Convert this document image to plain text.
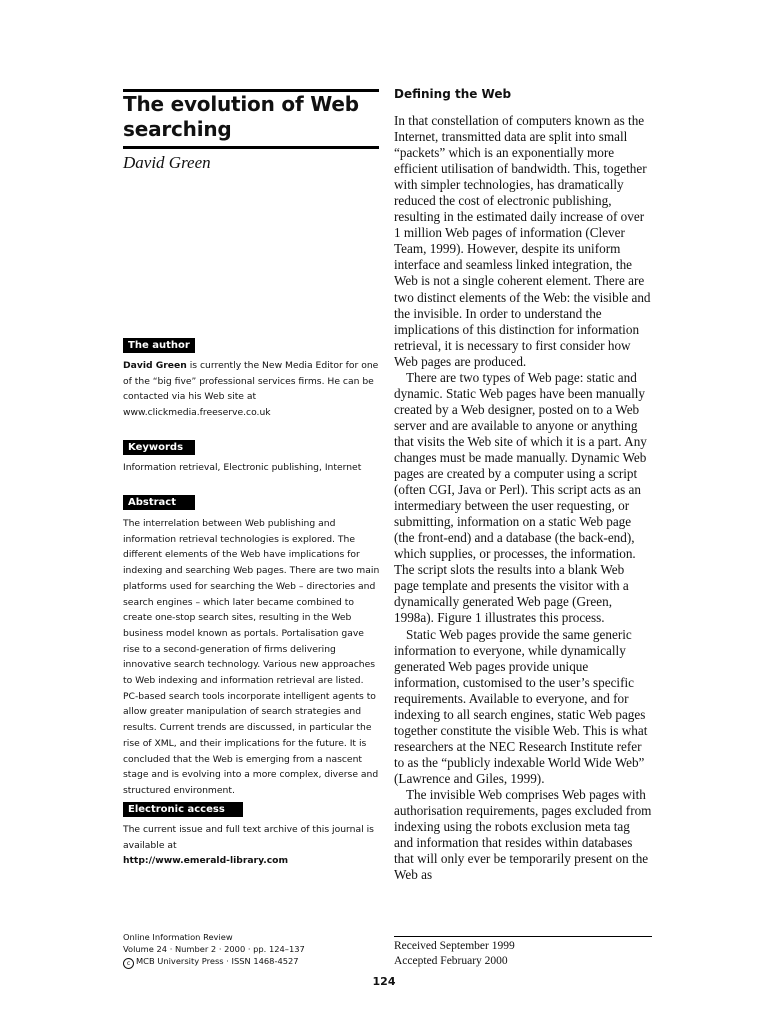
The evolution of Web searching

David Green

The author

David Green is currently the New Media Editor for one of the “big five” professional services firms. He can be contacted via his Web site at www.clickmedia.freeserve.co.uk

Keywords

Information retrieval, Electronic publishing, Internet

Abstract

The interrelation between Web publishing and information retrieval technologies is explored. The different elements of the Web have implications for indexing and searching Web pages. There are two main platforms used for searching the Web – directories and search engines – which later became combined to create one-stop search sites, resulting in the Web business model known as portals. Portalisation gave rise to a second-generation of firms delivering innovative search technology. Various new approaches to Web indexing and information retrieval are listed. PC-based search tools incorporate intelligent agents to allow greater manipulation of search strategies and results. Current trends are discussed, in particular the rise of XML, and their implications for the future. It is concluded that the Web is emerging from a nascent stage and is evolving into a more complex, diverse and structured environment.

Electronic access

The current issue and full text archive of this journal is available at
http://www.emerald-library.com

Online Information Review
Volume 24 · Number 2 · 2000 · pp. 124–137
c MCB University Press · ISSN 1468-4527
Defining the Web

In that constellation of computers known as the Internet, transmitted data are split into small “packets” which is an exponentially more efficient utilisation of bandwidth. This, together with simpler technologies, has dramatically reduced the cost of electronic publishing, resulting in the estimated daily increase of over 1 million Web pages of information (Clever Team, 1999). However, despite its uniform interface and seamless linked integration, the Web is not a single coherent element. There are two distinct elements of the Web: the visible and the invisible. In order to understand the implications of this distinction for information retrieval, it is necessary to first consider how Web pages are produced.

There are two types of Web page: static and dynamic. Static Web pages have been manually created by a Web designer, posted on to a Web server and are available to anyone or anything that visits the Web site of which it is a part. Any changes must be made manually. Dynamic Web pages are created by a computer using a script (often CGI, Java or Perl). This script acts as an intermediary between the user requesting, or submitting, information on a static Web page (the front-end) and a database (the back-end), which supplies, or processes, the information. The script slots the results into a blank Web page template and presents the visitor with a dynamically generated Web page (Green, 1998a). Figure 1 illustrates this process.

Static Web pages provide the same generic information to everyone, while dynamically generated Web pages provide unique information, customised to the user’s specific requirements. Available to everyone, and for indexing to all search engines, static Web pages together constitute the visible Web. This is what researchers at the NEC Research Institute refer to as the “publicly indexable World Wide Web” (Lawrence and Giles, 1999).

The invisible Web comprises Web pages with authorisation requirements, pages excluded from indexing using the robots exclusion meta tag and information that resides within databases that will only ever be temporarily present on the Web as

Received September 1999
Accepted February 2000

124
